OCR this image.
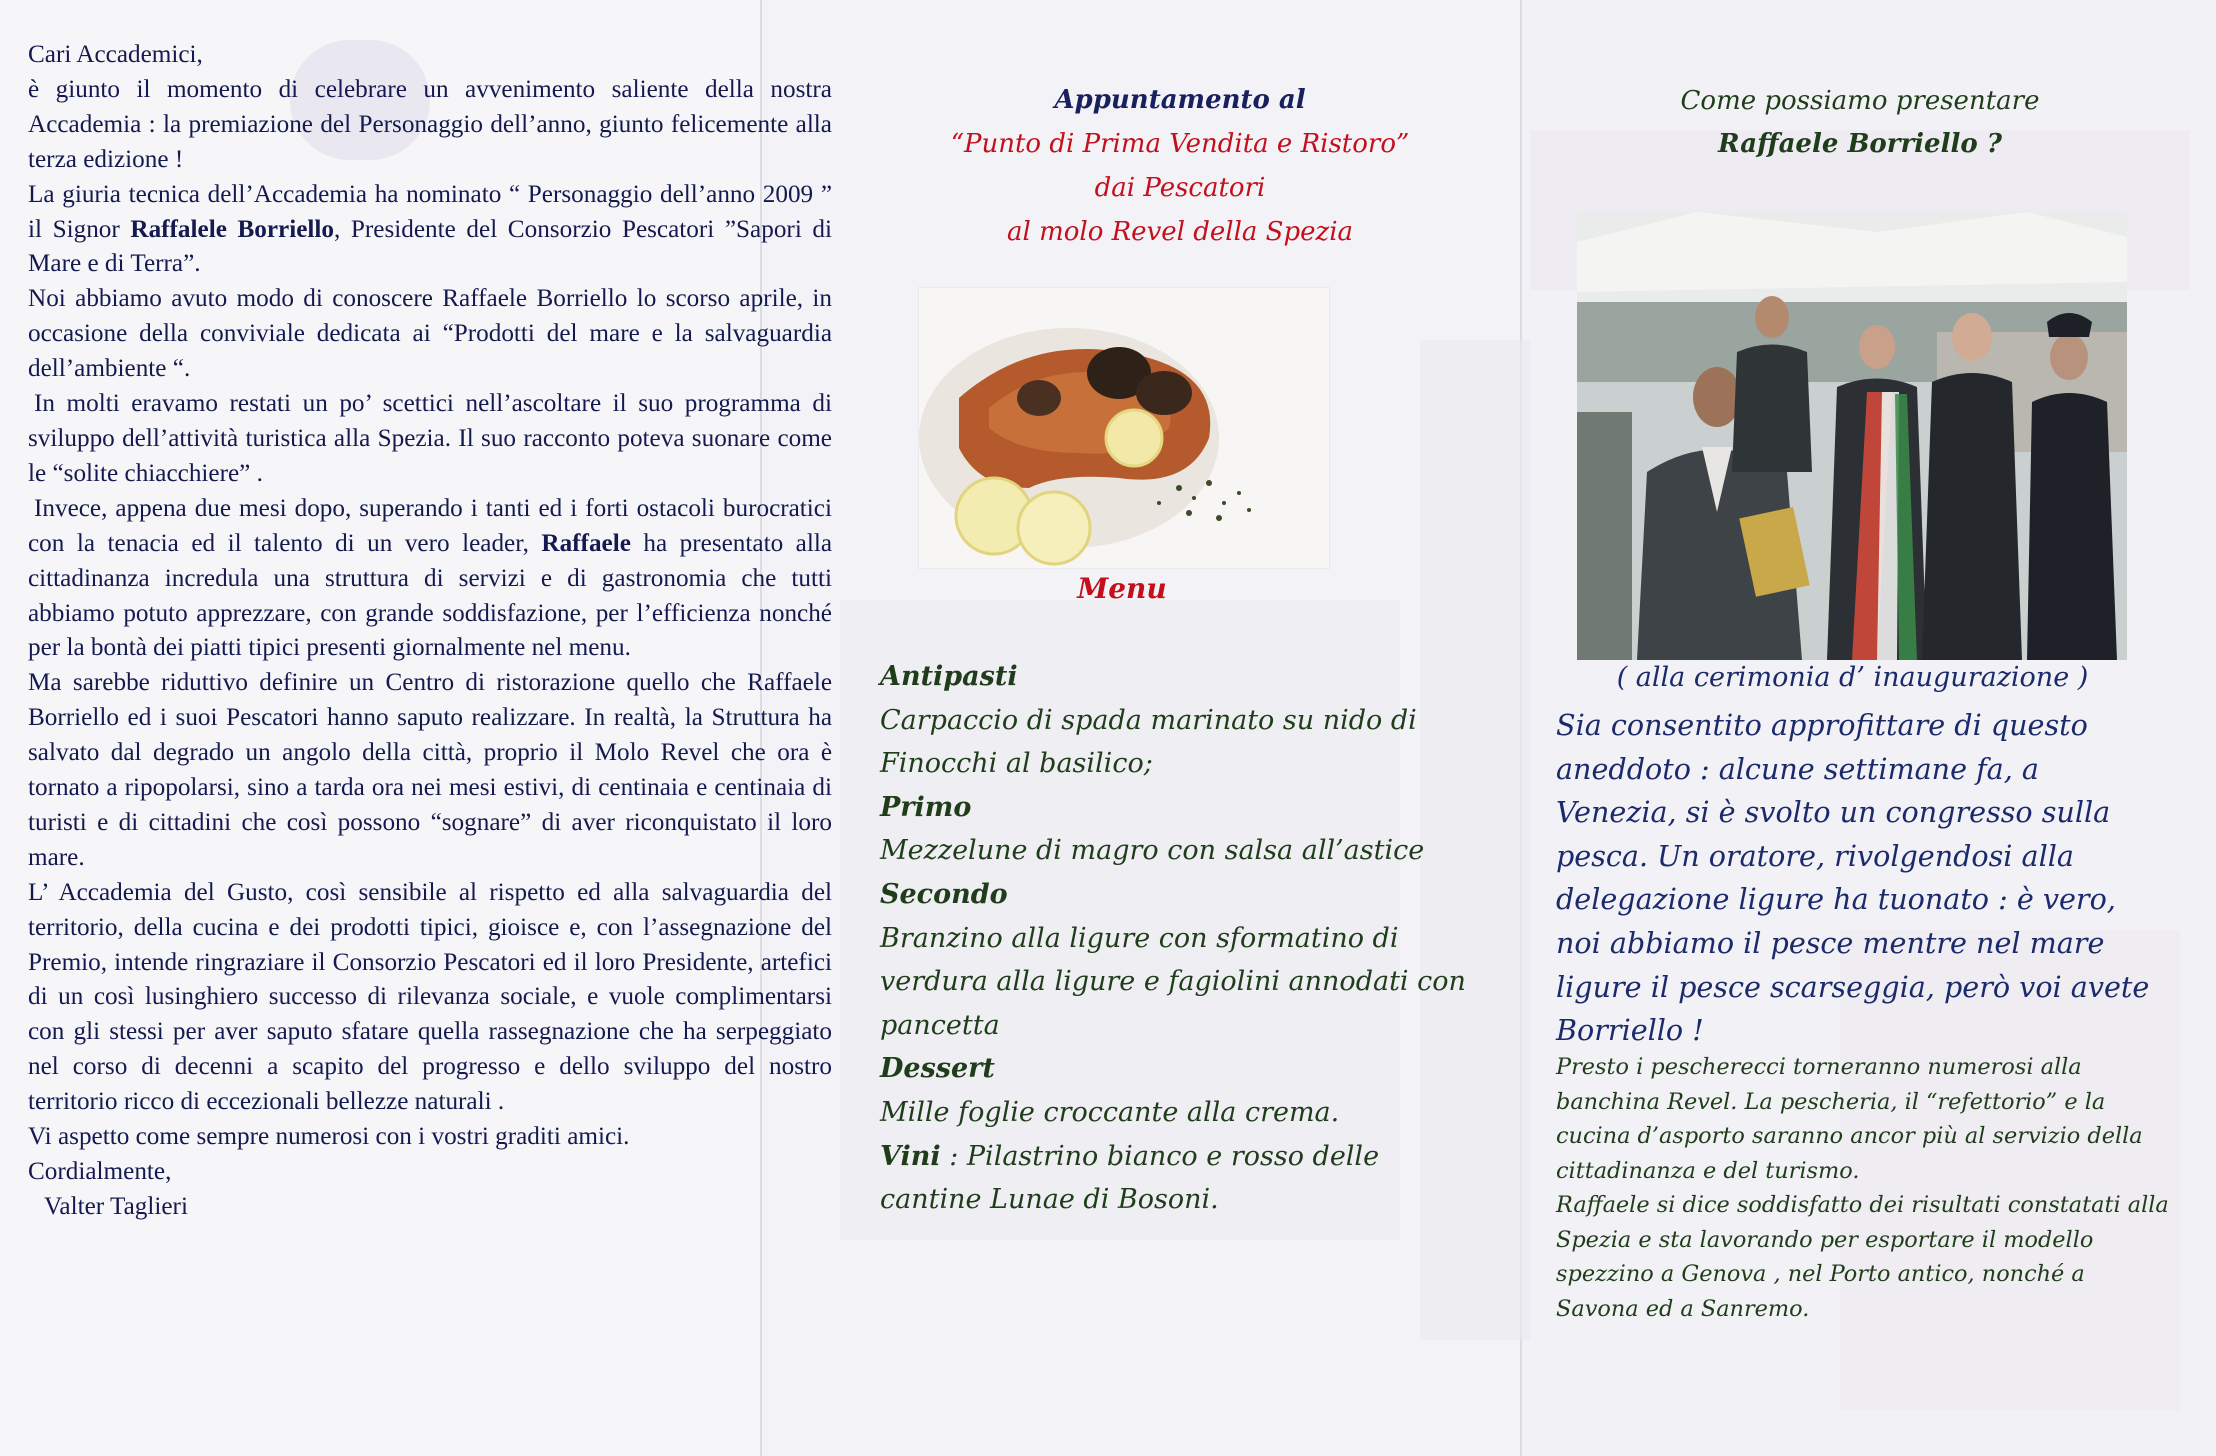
Cari Accademici,

è giunto il momento di celebrare un avvenimento saliente della nostra Accademia : la premiazione del Personaggio dell’anno, giunto felicemente alla terza edizione !

La giuria tecnica dell’Accademia ha nominato “ Personaggio dell’anno 2009 ” il Signor Raffalele Borriello, Presidente del Consorzio Pescatori ”Sapori di Mare e di Terra”.

Noi abbiamo avuto modo di conoscere Raffaele Borriello lo scorso aprile, in occasione della conviviale dedicata ai “Prodotti del mare e la salvaguardia dell’ambiente “.

In molti eravamo restati un po’ scettici nell’ascoltare il suo programma di sviluppo dell’attività turistica alla Spezia. Il suo racconto poteva suonare come le “solite chiacchiere” .

Invece, appena due mesi dopo, superando i tanti ed i forti ostacoli burocratici con la tenacia ed il talento di un vero leader, Raffaele ha presentato alla cittadinanza incredula una struttura di servizi e di gastronomia che tutti abbiamo potuto apprezzare, con grande soddisfazione, per l’efficienza nonché per la bontà dei piatti tipici presenti giornalmente nel menu.

Ma sarebbe riduttivo definire un Centro di ristorazione quello che Raffaele Borriello ed i suoi Pescatori hanno saputo realizzare. In realtà, la Struttura ha salvato dal degrado un angolo della città, proprio il Molo Revel che ora è tornato a ripopolarsi, sino a tarda ora nei mesi estivi, di centinaia e centinaia di turisti e di cittadini che così possono “sognare” di aver riconquistato il loro mare.

L’ Accademia del Gusto, così sensibile al rispetto ed alla salvaguardia del territorio, della cucina e dei prodotti tipici, gioisce e, con l’assegnazione del Premio, intende ringraziare il Consorzio Pescatori ed il loro Presidente, artefici di un così lusinghiero successo di rilevanza sociale, e vuole complimentarsi con gli stessi per aver saputo sfatare quella rassegnazione che ha serpeggiato nel corso di decenni a scapito del progresso e dello sviluppo del nostro territorio ricco di eccezionali bellezze naturali .

Vi aspetto come sempre numerosi con i vostri graditi amici.

Cordialmente,

Valter Taglieri

Appuntamento al
“Punto di Prima Vendita e Ristoro”
dai Pescatori
al molo Revel della Spezia
Menu
Antipasti
Carpaccio di spada marinato su nido di Finocchi al basilico;
Primo
Mezzelune di magro con salsa all’astice
Secondo
Branzino alla ligure con sformatino di verdura alla ligure e fagiolini annodati con pancetta
Dessert
Mille foglie croccante alla crema.
Vini : Pilastrino bianco e rosso delle cantine Lunae di Bosoni.
Come possiamo presentare
Raffaele Borriello ?
( alla cerimonia d’ inaugurazione )
Sia consentito approfittare di questo aneddoto : alcune settimane fa, a Venezia, si è svolto un congresso sulla pesca. Un oratore, rivolgendosi alla delegazione ligure ha tuonato : è vero, noi abbiamo il pesce mentre nel mare ligure il pesce scarseggia, però voi avete Borriello !
Presto i pescherecci torneranno numerosi alla banchina Revel. La pescheria, il “refettorio” e la cucina d’asporto saranno ancor più al servizio della cittadinanza e del turismo.
Raffaele si dice soddisfatto dei risultati constatati alla Spezia e sta lavorando per esportare il modello spezzino a Genova , nel Porto antico, nonché a Savona ed a Sanremo.
